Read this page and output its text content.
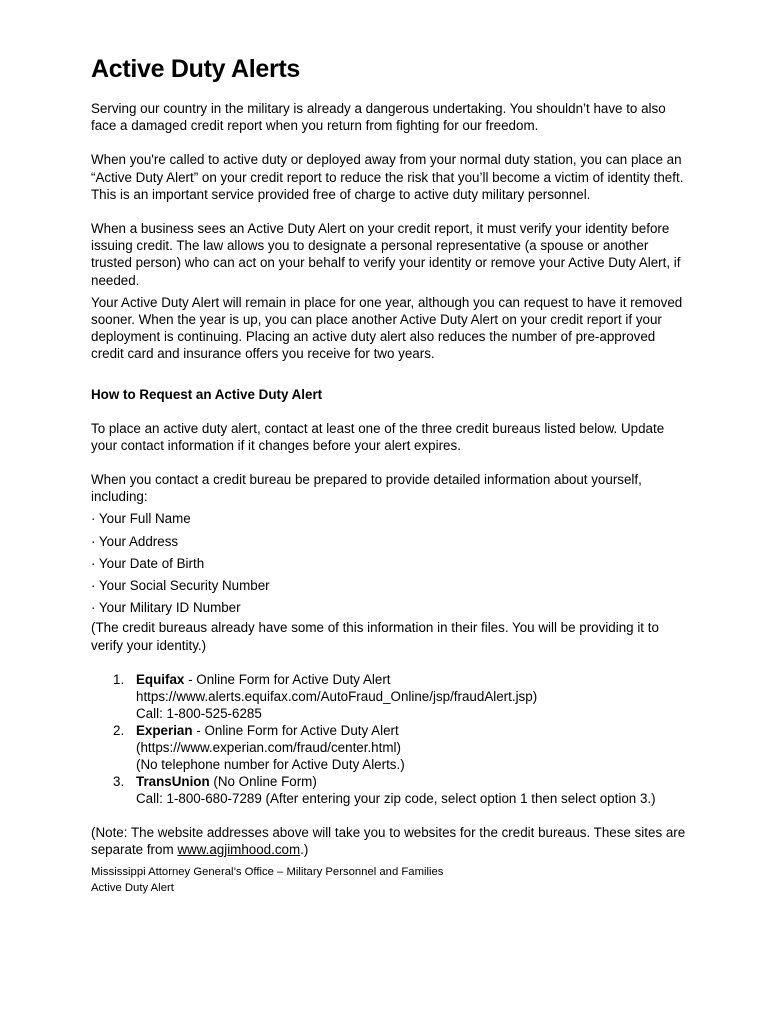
Active Duty Alerts

Serving our country in the military is already a dangerous undertaking. You shouldn’t have to also face a damaged credit report when you return from fighting for our freedom.

When you're called to active duty or deployed away from your normal duty station, you can place an “Active Duty Alert” on your credit report to reduce the risk that you’ll become a victim of identity theft. This is an important service provided free of charge to active duty military personnel.

When a business sees an Active Duty Alert on your credit report, it must verify your identity before issuing credit. The law allows you to designate a personal representative (a spouse or another trusted person) who can act on your behalf to verify your identity or remove your Active Duty Alert, if needed.

Your Active Duty Alert will remain in place for one year, although you can request to have it removed sooner. When the year is up, you can place another Active Duty Alert on your credit report if your deployment is continuing. Placing an active duty alert also reduces the number of pre-approved credit card and insurance offers you receive for two years.

How to Request an Active Duty Alert

To place an active duty alert, contact at least one of the three credit bureaus listed below. Update your contact information if it changes before your alert expires.

When you contact a credit bureau be prepared to provide detailed information about yourself, including:

· Your Full Name
· Your Address
· Your Date of Birth
· Your Social Security Number
· Your Military ID Number

(The credit bureaus already have some of this information in their files. You will be providing it to verify your identity.)

1. Equifax - Online Form for Active Duty Alert
https://www.alerts.equifax.com/AutoFraud_Online/jsp/fraudAlert.jsp)
Call: 1-800-525-6285
2. Experian - Online Form for Active Duty Alert
(https://www.experian.com/fraud/center.html)
(No telephone number for Active Duty Alerts.)
3. TransUnion (No Online Form)
Call: 1-800-680-7289 (After entering your zip code, select option 1 then select option 3.)

(Note: The website addresses above will take you to websites for the credit bureaus. These sites are separate from www.agjimhood.com.)

Mississippi Attorney General’s Office – Military Personnel and Families
Active Duty Alert
